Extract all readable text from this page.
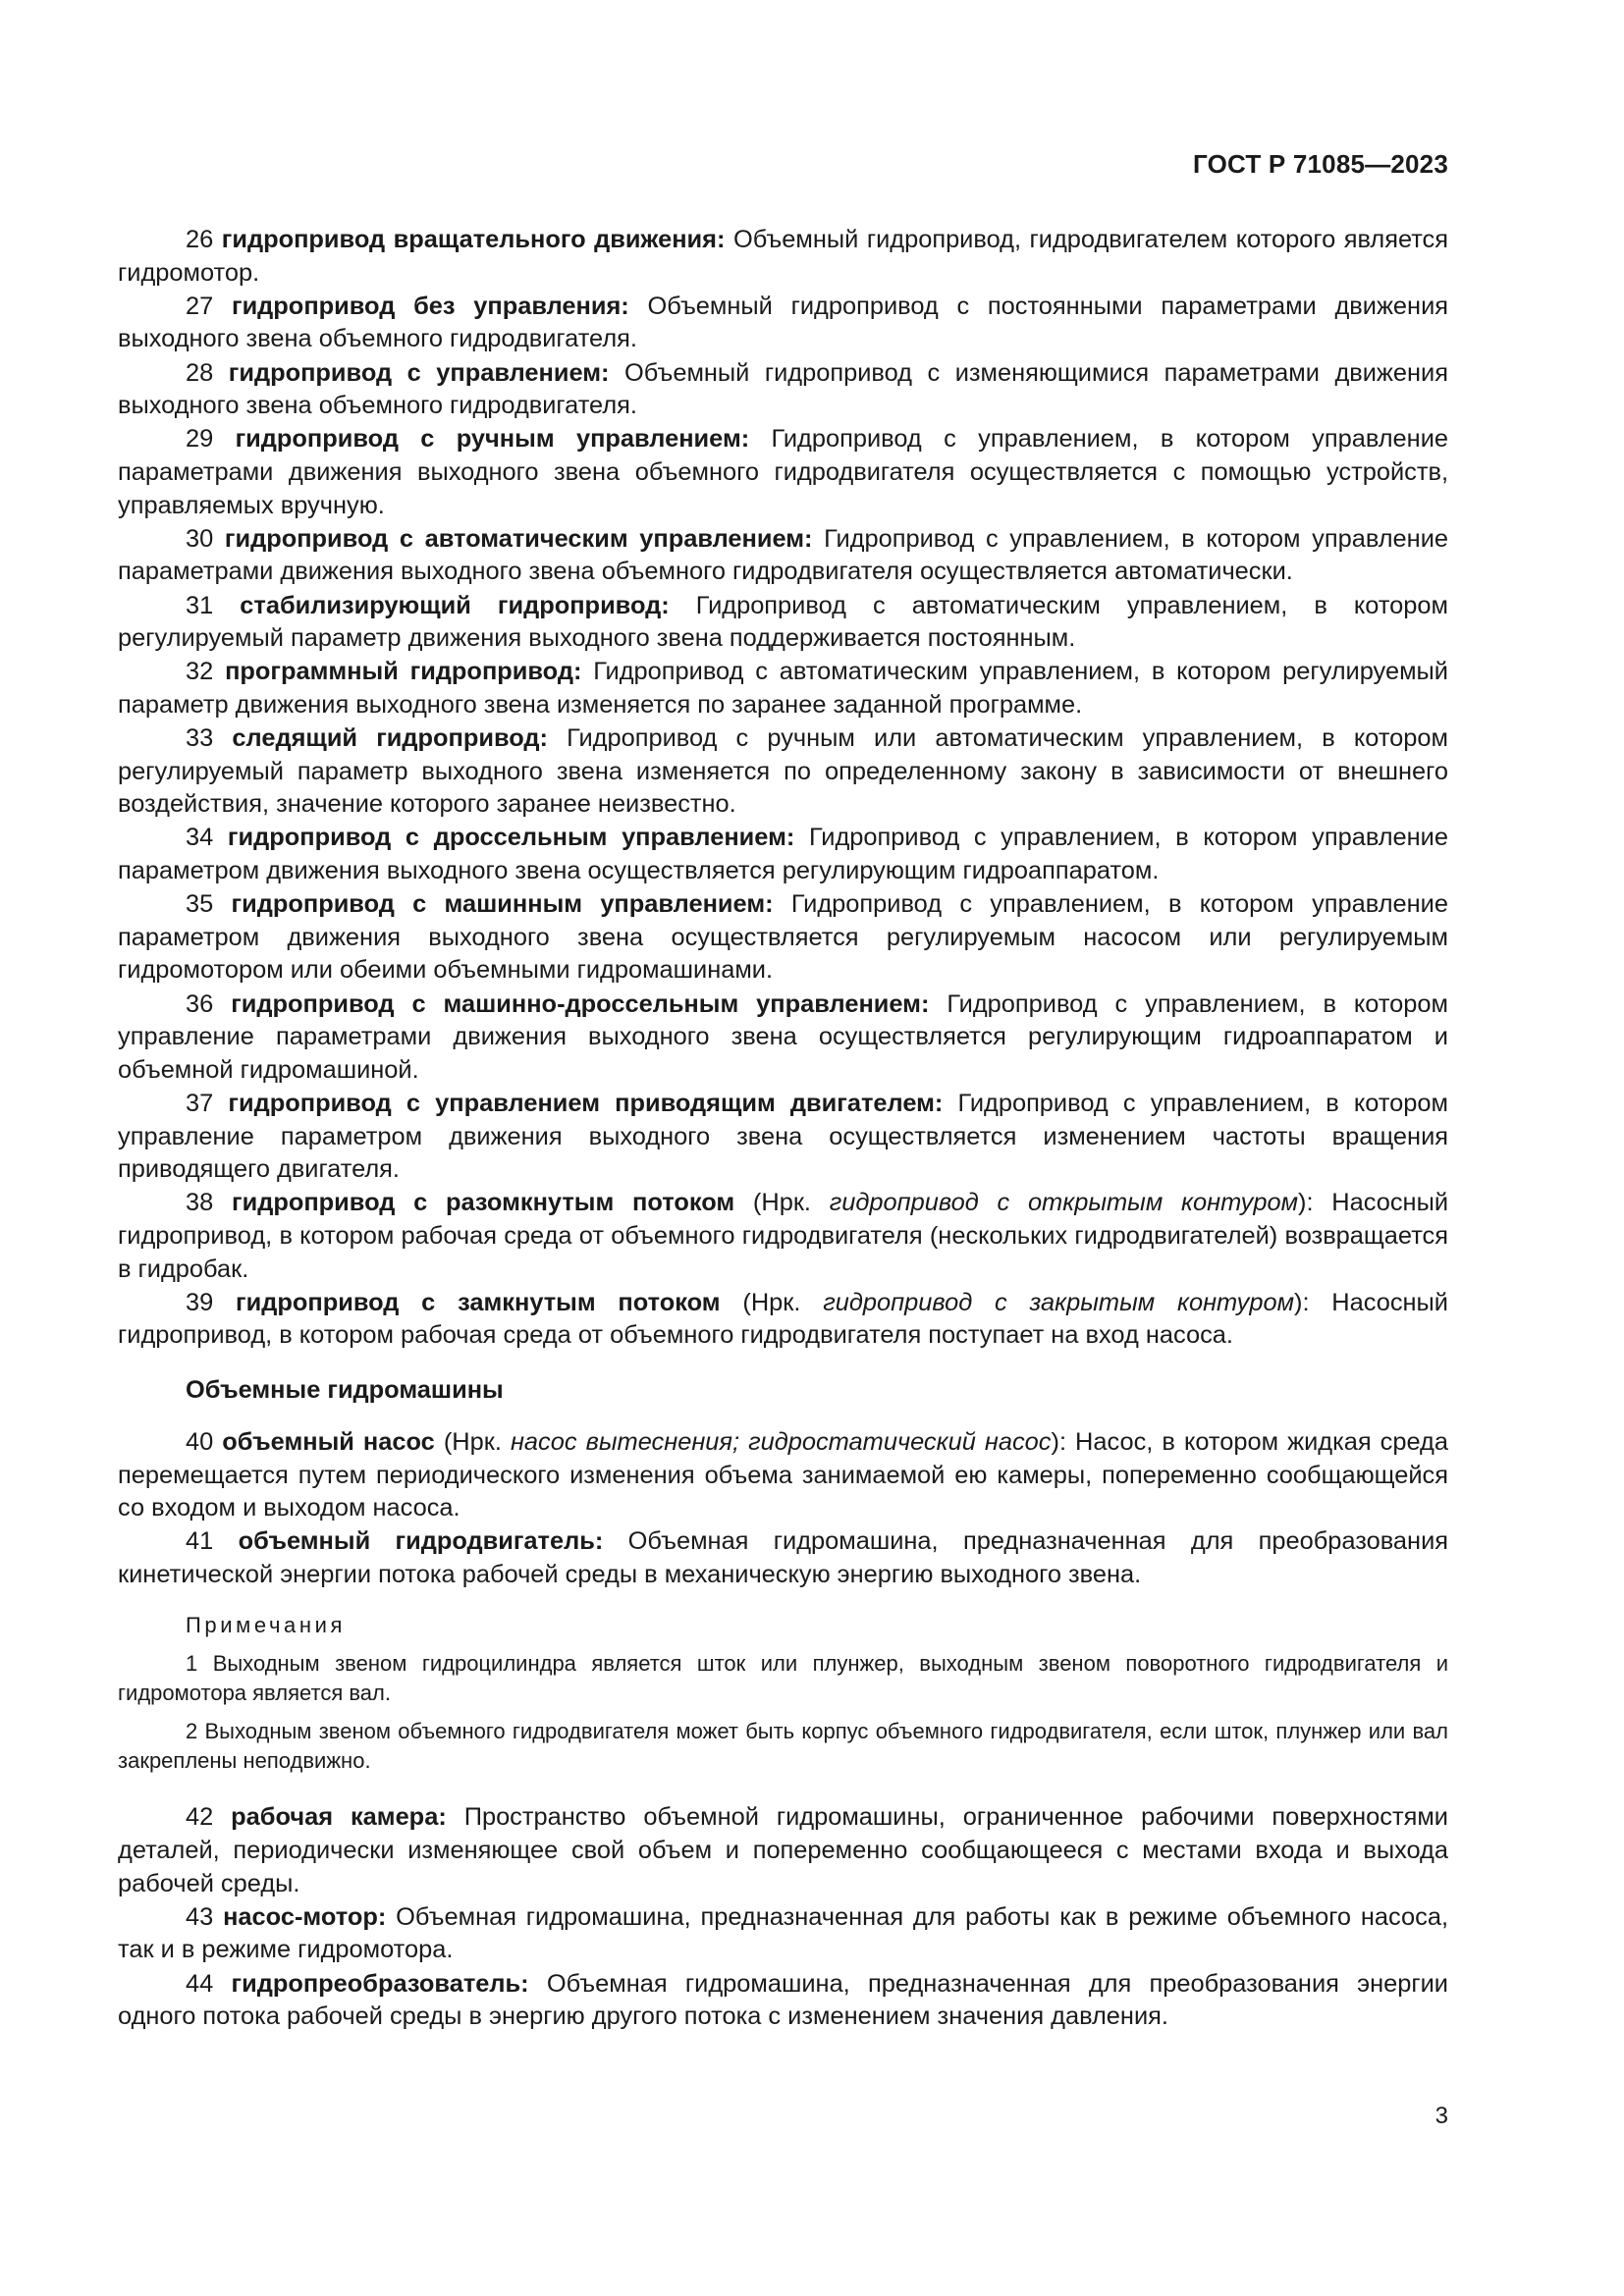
ГОСТ Р 71085—2023

26 гидропривод вращательного движения: Объемный гидропривод, гидродвигателем которого является гидромотор.

27 гидропривод без управления: Объемный гидропривод с постоянными параметрами движения выходного звена объемного гидродвигателя.

28 гидропривод с управлением: Объемный гидропривод с изменяющимися параметрами движения выходного звена объемного гидродвигателя.

29 гидропривод с ручным управлением: Гидропривод с управлением, в котором управление параметрами движения выходного звена объемного гидродвигателя осуществляется с помощью устройств, управляемых вручную.

30 гидропривод с автоматическим управлением: Гидропривод с управлением, в котором управление параметрами движения выходного звена объемного гидродвигателя осуществляется автоматически.

31 стабилизирующий гидропривод: Гидропривод с автоматическим управлением, в котором регулируемый параметр движения выходного звена поддерживается постоянным.

32 программный гидропривод: Гидропривод с автоматическим управлением, в котором регулируемый параметр движения выходного звена изменяется по заранее заданной программе.

33 следящий гидропривод: Гидропривод с ручным или автоматическим управлением, в котором регулируемый параметр выходного звена изменяется по определенному закону в зависимости от внешнего воздействия, значение которого заранее неизвестно.

34 гидропривод с дроссельным управлением: Гидропривод с управлением, в котором управление параметром движения выходного звена осуществляется регулирующим гидроаппаратом.

35 гидропривод с машинным управлением: Гидропривод с управлением, в котором управление параметром движения выходного звена осуществляется регулируемым насосом или регулируемым гидромотором или обеими объемными гидромашинами.

36 гидропривод с машинно-дроссельным управлением: Гидропривод с управлением, в котором управление параметрами движения выходного звена осуществляется регулирующим гидроаппаратом и объемной гидромашиной.

37 гидропривод с управлением приводящим двигателем: Гидропривод с управлением, в котором управление параметром движения выходного звена осуществляется изменением частоты вращения приводящего двигателя.

38 гидропривод с разомкнутым потоком (Нрк. гидропривод с открытым контуром): Насосный гидропривод, в котором рабочая среда от объемного гидродвигателя (нескольких гидродвигателей) возвращается в гидробак.

39 гидропривод с замкнутым потоком (Нрк. гидропривод с закрытым контуром): Насосный гидропривод, в котором рабочая среда от объемного гидродвигателя поступает на вход насоса.

Объемные гидромашины

40 объемный насос (Нрк. насос вытеснения; гидростатический насос): Насос, в котором жидкая среда перемещается путем периодического изменения объема занимаемой ею камеры, попеременно сообщающейся со входом и выходом насоса.

41 объемный гидродвигатель: Объемная гидромашина, предназначенная для преобразования кинетической энергии потока рабочей среды в механическую энергию выходного звена.

Примечания

1 Выходным звеном гидроцилиндра является шток или плунжер, выходным звеном поворотного гидродвигателя и гидромотора является вал.

2 Выходным звеном объемного гидродвигателя может быть корпус объемного гидродвигателя, если шток, плунжер или вал закреплены неподвижно.

42 рабочая камера: Пространство объемной гидромашины, ограниченное рабочими поверхностями деталей, периодически изменяющее свой объем и попеременно сообщающееся с местами входа и выхода рабочей среды.

43 насос-мотор: Объемная гидромашина, предназначенная для работы как в режиме объемного насоса, так и в режиме гидромотора.

44 гидропреобразователь: Объемная гидромашина, предназначенная для преобразования энергии одного потока рабочей среды в энергию другого потока с изменением значения давления.

3
